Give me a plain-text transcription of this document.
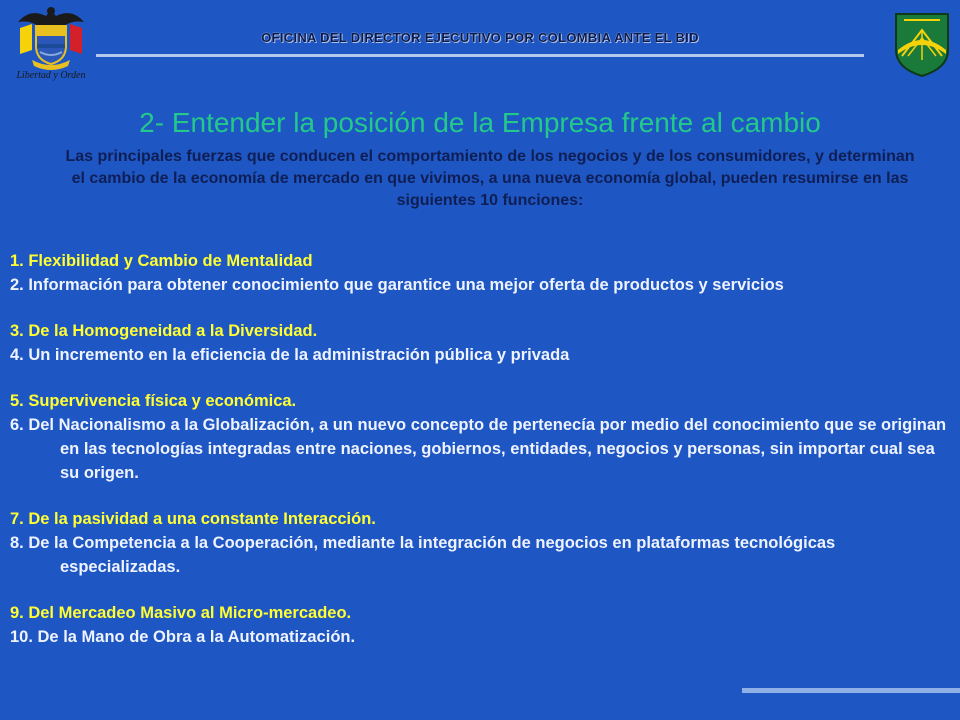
Libertad y Orden
OFICINA DEL DIRECTOR EJECUTIVO POR COLOMBIA ANTE EL BID
2- Entender la posición de la Empresa frente al cambio
Las principales fuerzas que conducen el comportamiento de los negocios y de los consumidores, y determinan el cambio de la economía de mercado en que vivimos, a una nueva economía global, pueden resumirse en las siguientes 10 funciones:
1. Flexibilidad y Cambio de Mentalidad
2. Información para obtener conocimiento que garantice una mejor oferta de productos y servicios
3. De la Homogeneidad a la Diversidad.
4. Un incremento en la eficiencia de la administración pública y privada
5. Supervivencia física y económica.
6. Del Nacionalismo a la Globalización, a un nuevo concepto de pertenecía por medio del conocimiento que se originan en las tecnologías integradas entre naciones, gobiernos, entidades, negocios y personas, sin importar cual sea su origen.
7. De la pasividad a una constante Interacción.
8. De la Competencia a la Cooperación, mediante la integración de negocios en plataformas tecnológicas especializadas.
9. Del Mercadeo Masivo al Micro-mercadeo.
10. De la Mano de Obra a la Automatización.
